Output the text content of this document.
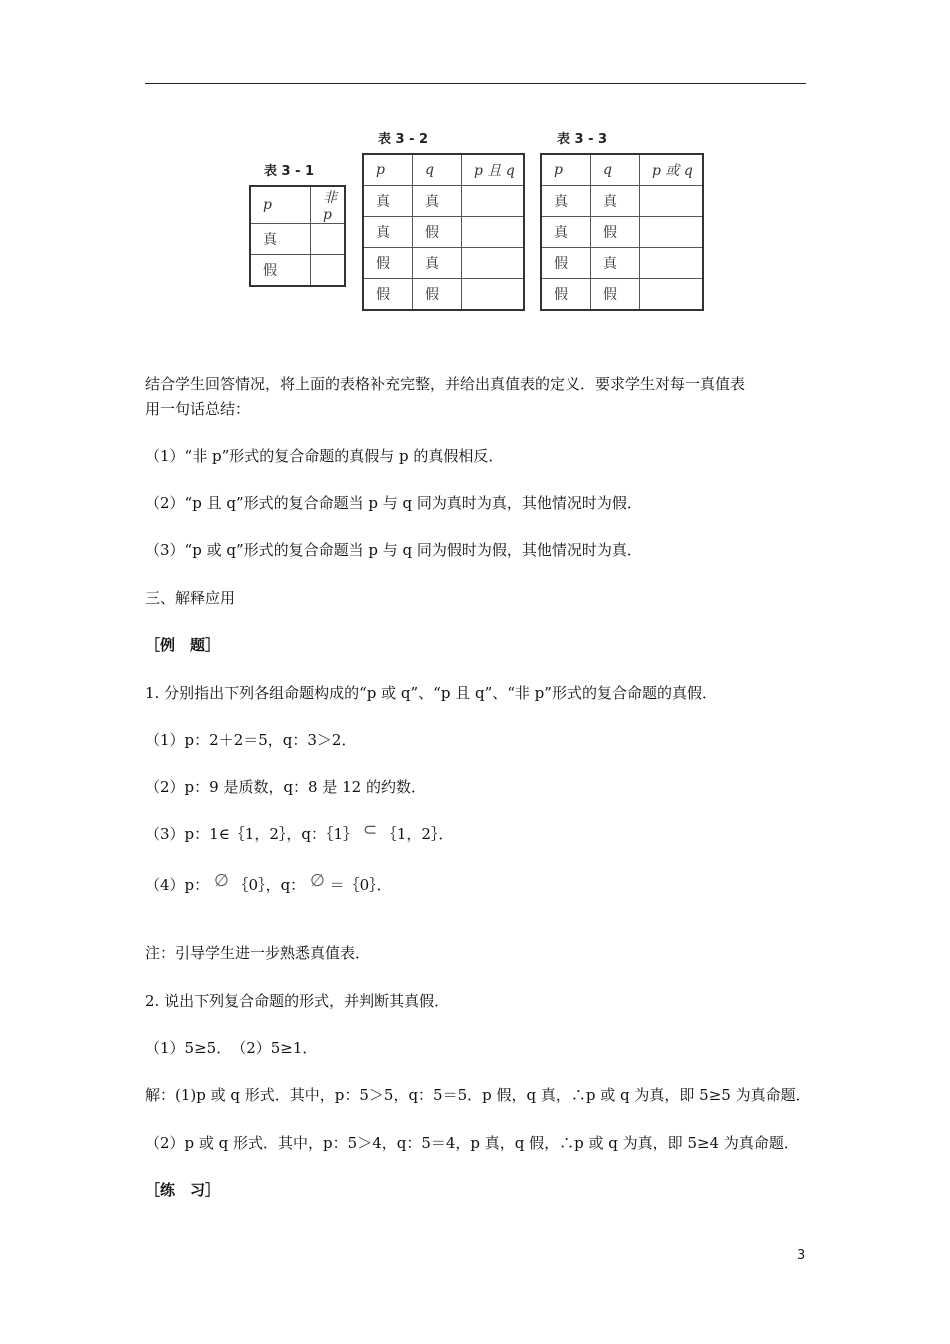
表 3 - 1
p	非 p
真	
假	
表 3 - 2
p	q	p 且 q
真	真	
真	假	
假	真	
假	假	
表 3 - 3
p	q	p 或 q
真	真	
真	假	
假	真	
假	假	
结合学生回答情况，将上面的表格补充完整，并给出真值表的定义．要求学生对每一真值表
用一句话总结：
（1）“非 p”形式的复合命题的真假与 p 的真假相反．
（2）“p 且 q”形式的复合命题当 p 与 q 同为真时为真，其他情况时为假．
（3）“p 或 q”形式的复合命题当 p 与 q 同为假时为假，其他情况时为真．
三、解释应用
［例　题］
1. 分别指出下列各组命题构成的“p 或 q”、“p 且 q”、“非 p”形式的复合命题的真假．
（1）p：2＋2＝5，q：3＞2．
（2）p：9 是质数，q：8 是 12 的约数．
（3）p：1∈｛1，2｝，q：｛1｝ ⊂ ｛1，2｝．
（4）p： ∅ ｛0｝，q： ∅ ＝｛0｝．
注：引导学生进一步熟悉真值表．
2. 说出下列复合命题的形式，并判断其真假．
（1）5≥5．　（2）5≥1．
解：(1)p 或 q 形式．其中，p：5＞5，q：5＝5．p 假，q 真，∴p 或 q 为真，即 5≥5 为真命题．
（2）p 或 q 形式．其中，p：5＞4，q：5＝4，p 真，q 假，∴p 或 q 为真，即 5≥4 为真命题．
［练　习］
3
